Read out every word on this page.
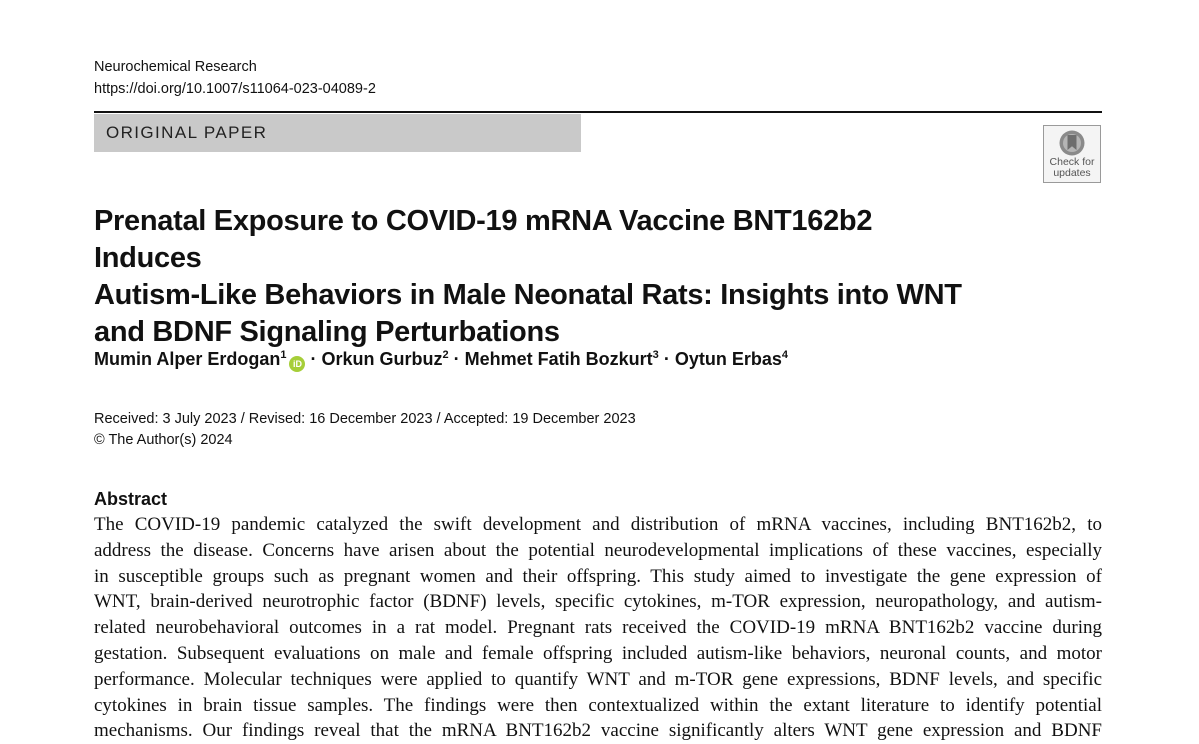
Neurochemical Research
https://doi.org/10.1007/s11064-023-04089-2
ORIGINAL PAPER
Check for
updates
Prenatal Exposure to COVID-19 mRNA Vaccine BNT162b2 Induces
Autism-Like Behaviors in Male Neonatal Rats: Insights into WNT
and BDNF Signaling Perturbations
Mumin Alper Erdogan$^1$iD · Orkun Gurbuz$^2$ · Mehmet Fatih Bozkurt$^3$ · Oytun Erbas$^4$
Received: 3 July 2023 / Revised: 16 December 2023 / Accepted: 19 December 2023
© The Author(s) 2024
Abstract
The COVID-19 pandemic catalyzed the swift development and distribution of mRNA vaccines, including BNT162b2, to
address the disease. Concerns have arisen about the potential neurodevelopmental implications of these vaccines, especially
in susceptible groups such as pregnant women and their offspring. This study aimed to investigate the gene expression of
WNT, brain-derived neurotrophic factor (BDNF) levels, specific cytokines, m-TOR expression, neuropathology, and autism-
related neurobehavioral outcomes in a rat model. Pregnant rats received the COVID-19 mRNA BNT162b2 vaccine during
gestation. Subsequent evaluations on male and female offspring included autism-like behaviors, neuronal counts, and motor
performance. Molecular techniques were applied to quantify WNT and m-TOR gene expressions, BDNF levels, and specific
cytokines in brain tissue samples. The findings were then contextualized within the extant literature to identify potential
mechanisms. Our findings reveal that the mRNA BNT162b2 vaccine significantly alters WNT gene expression and BDNF
